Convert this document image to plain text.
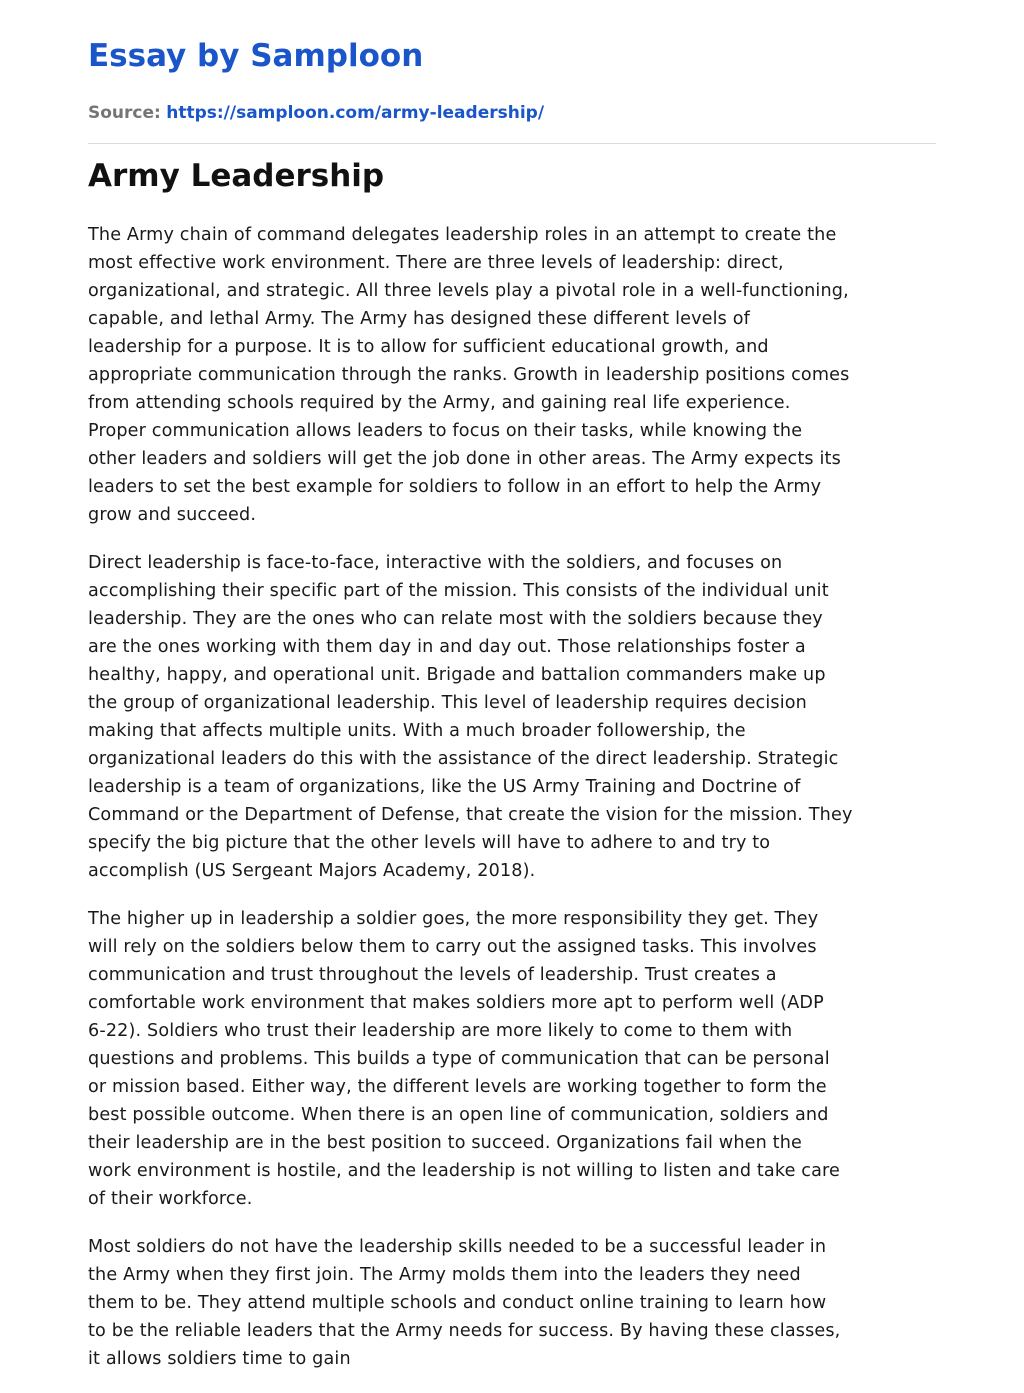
Essay by Samploon
Source: https://samploon.com/army-leadership/
Army Leadership

The Army chain of command delegates leadership roles in an attempt to create the
most effective work environment. There are three levels of leadership: direct,
organizational, and strategic. All three levels play a pivotal role in a well-functioning,
capable, and lethal Army. The Army has designed these different levels of
leadership for a purpose. It is to allow for sufficient educational growth, and
appropriate communication through the ranks. Growth in leadership positions comes
from attending schools required by the Army, and gaining real life experience.
Proper communication allows leaders to focus on their tasks, while knowing the
other leaders and soldiers will get the job done in other areas. The Army expects its
leaders to set the best example for soldiers to follow in an effort to help the Army
grow and succeed.

Direct leadership is face-to-face, interactive with the soldiers, and focuses on
accomplishing their specific part of the mission. This consists of the individual unit
leadership. They are the ones who can relate most with the soldiers because they
are the ones working with them day in and day out. Those relationships foster a
healthy, happy, and operational unit. Brigade and battalion commanders make up
the group of organizational leadership. This level of leadership requires decision
making that affects multiple units. With a much broader followership, the
organizational leaders do this with the assistance of the direct leadership. Strategic
leadership is a team of organizations, like the US Army Training and Doctrine of
Command or the Department of Defense, that create the vision for the mission. They
specify the big picture that the other levels will have to adhere to and try to
accomplish (US Sergeant Majors Academy, 2018).

The higher up in leadership a soldier goes, the more responsibility they get. They
will rely on the soldiers below them to carry out the assigned tasks. This involves
communication and trust throughout the levels of leadership. Trust creates a
comfortable work environment that makes soldiers more apt to perform well (ADP
6-22). Soldiers who trust their leadership are more likely to come to them with
questions and problems. This builds a type of communication that can be personal
or mission based. Either way, the different levels are working together to form the
best possible outcome. When there is an open line of communication, soldiers and
their leadership are in the best position to succeed. Organizations fail when the
work environment is hostile, and the leadership is not willing to listen and take care
of their workforce.

Most soldiers do not have the leadership skills needed to be a successful leader in
the Army when they first join. The Army molds them into the leaders they need
them to be. They attend multiple schools and conduct online training to learn how
to be the reliable leaders that the Army needs for success. By having these classes,
it allows soldiers time to gain
